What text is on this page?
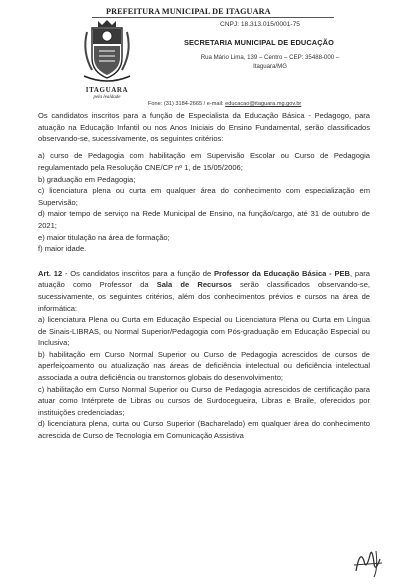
PREFEITURA MUNICIPAL DE ITAGUARA
ITAGUARA
pela lealdade
CNPJ: 18.313.015/0001-75
SECRETARIA MUNICIPAL DE EDUCAÇÃO
Rua Mário Lima, 139 – Centro – CEP: 35488-000 –
Itaguara/MG
Fone: (31) 3184-2665 / e-mail: educacao@itaguara.mg.gov.br

Os candidatos inscritos para a função de Especialista da Educação Básica - Pedagogo, para atuação na Educação Infantil ou nos Anos Iniciais do Ensino Fundamental, serão classificados observando-se, sucessivamente, os seguintes critérios:

a) curso de Pedagogia com habilitação em Supervisão Escolar ou Curso de Pedagogia regulamentado pela Resolução CNE/CP nº 1, de 15/05/2006;

b) graduação em Pedagogia;

c) licenciatura plena ou curta em qualquer área do conhecimento com especialização em Supervisão;

d) maior tempo de serviço na Rede Municipal de Ensino, na função/cargo, até 31 de outubro de 2021;

e) maior titulação na área de formação;

f) maior idade.

Art. 12 - Os candidatos inscritos para a função de Professor da Educação Básica - PEB, para atuação como Professor da Sala de Recursos serão classificados observando-se, sucessivamente, os seguintes critérios, além dos conhecimentos prévios e cursos na área de informática:

a) licenciatura Plena ou Curta em Educação Especial ou Licenciatura Plena ou Curta em Língua de Sinais-LIBRAS, ou Normal Superior/Pedagogia com Pós-graduação em Educação Especial ou Inclusiva;

b) habilitação em Curso Normal Superior ou Curso de Pedagogia acrescidos de cursos de aperfeiçoamento ou atualização nas áreas de deficiência intelectual ou deficiência intelectual associada a outra deficiência ou transtornos globais do desenvolvimento;

c) habilitação em Curso Normal Superior ou Curso de Pedagogia acrescidos de certificação para atuar como Intérprete de Libras ou cursos de Surdocegueira, Libras e Braile, oferecidos por instituições credenciadas;

d) licenciatura plena, curta ou Curso Superior (Bacharelado) em qualquer área do conhecimento acrescida de Curso de Tecnologia em Comunicação Assistiva
